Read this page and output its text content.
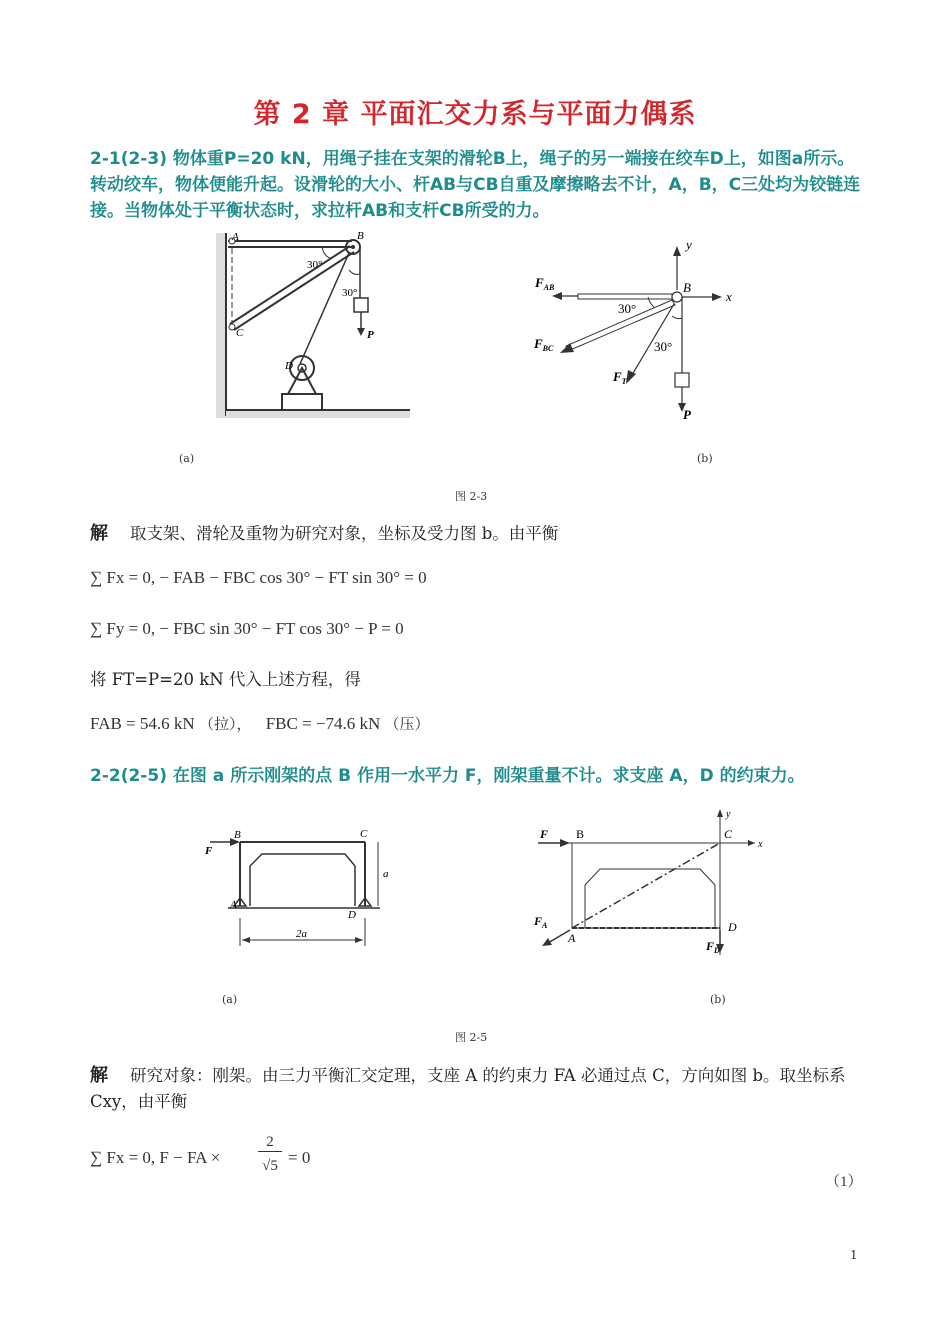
第 2 章 平面汇交力系与平面力偶系
2-1(2-3) 物体重P=20 kN，用绳子挂在支架的滑轮B上，绳子的另一端接在绞车D上，如图a所示。转动绞车，物体便能升起。设滑轮的大小、杆AB与CB自重及摩擦略去不计，A，B，C三处均为铰链连接。当物体处于平衡状态时，求拉杆AB和支杆CB所受的力。
A	B
C
D
P
30°
30°
$F_{AB}$
$F_{BC}$
$F_T$
B
x
y
P
30°
30°
(a)	(b)
图 2-3
解 取支架、滑轮及重物为研究对象，坐标及受力图 b。由平衡
∑ Fx = 0, − FAB − FBC cos 30° − FT sin 30° = 0
∑ Fy = 0, − FBC sin 30° − FT cos 30° − P = 0
将 FT=P=20 kN 代入上述方程，得
FAB = 54.6 kN （拉）， FBC = −74.6 kN （压）
2-2(2-5) 在图 a 所示刚架的点 B 作用一水平力 F，刚架重量不计。求支座 A，D 的约束力。
B	C
A
D
F
a
2a
F B	C
A
D
$F_A$
$F_D$
x
y
(a)	(b)
图 2-5
解 研究对象：刚架。由三力平衡汇交定理，支座 A 的约束力 FA 必通过点 C，方向如图 b。取坐标系 Cxy，由平衡
∑ Fx = 0, F − FA ×
2
√5 = 0
（1）
1
